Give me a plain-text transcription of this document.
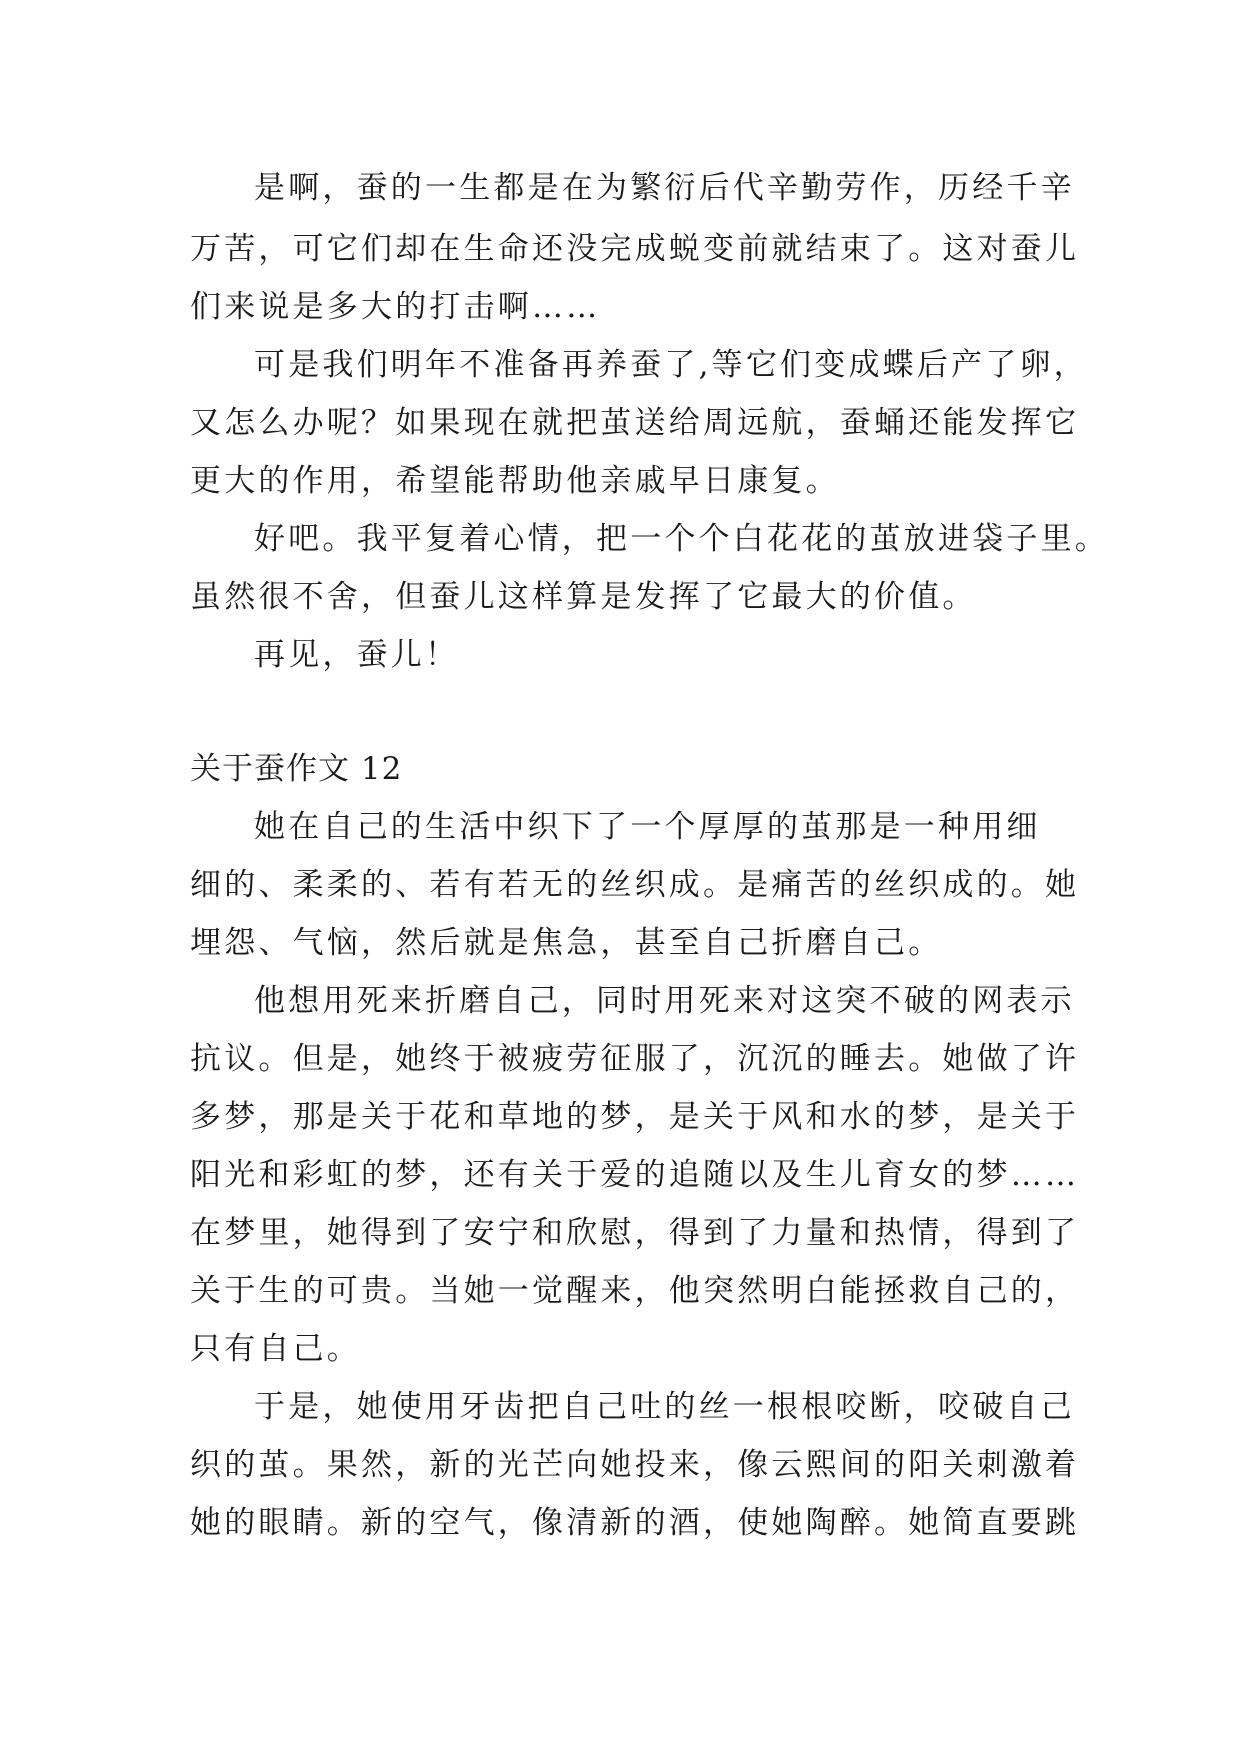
是啊，蚕的一生都是在为繁衍后代辛勤劳作，历经千辛
万苦，可它们却在生命还没完成蜕变前就结束了。这对蚕儿
们来说是多大的打击啊……
可是我们明年不准备再养蚕了,等它们变成蝶后产了卵，
又怎么办呢？如果现在就把茧送给周远航，蚕蛹还能发挥它
更大的作用，希望能帮助他亲戚早日康复。
好吧。我平复着心情，把一个个白花花的茧放进袋子里。
虽然很不舍，但蚕儿这样算是发挥了它最大的价值。
再见，蚕儿！
关于蚕作文 12
她在自己的生活中织下了一个厚厚的茧那是一种用细
细的、柔柔的、若有若无的丝织成。是痛苦的丝织成的。她
埋怨、气恼，然后就是焦急，甚至自己折磨自己。
他想用死来折磨自己，同时用死来对这突不破的网表示
抗议。但是，她终于被疲劳征服了，沉沉的睡去。她做了许
多梦，那是关于花和草地的梦，是关于风和水的梦，是关于
阳光和彩虹的梦，还有关于爱的追随以及生儿育女的梦……
在梦里，她得到了安宁和欣慰，得到了力量和热情，得到了
关于生的可贵。当她一觉醒来，他突然明白能拯救自己的，
只有自己。
于是，她使用牙齿把自己吐的丝一根根咬断，咬破自己
织的茧。果然，新的光芒向她投来，像云熙间的阳关刺激着
她的眼睛。新的空气，像清新的酒，使她陶醉。她简直要跳
